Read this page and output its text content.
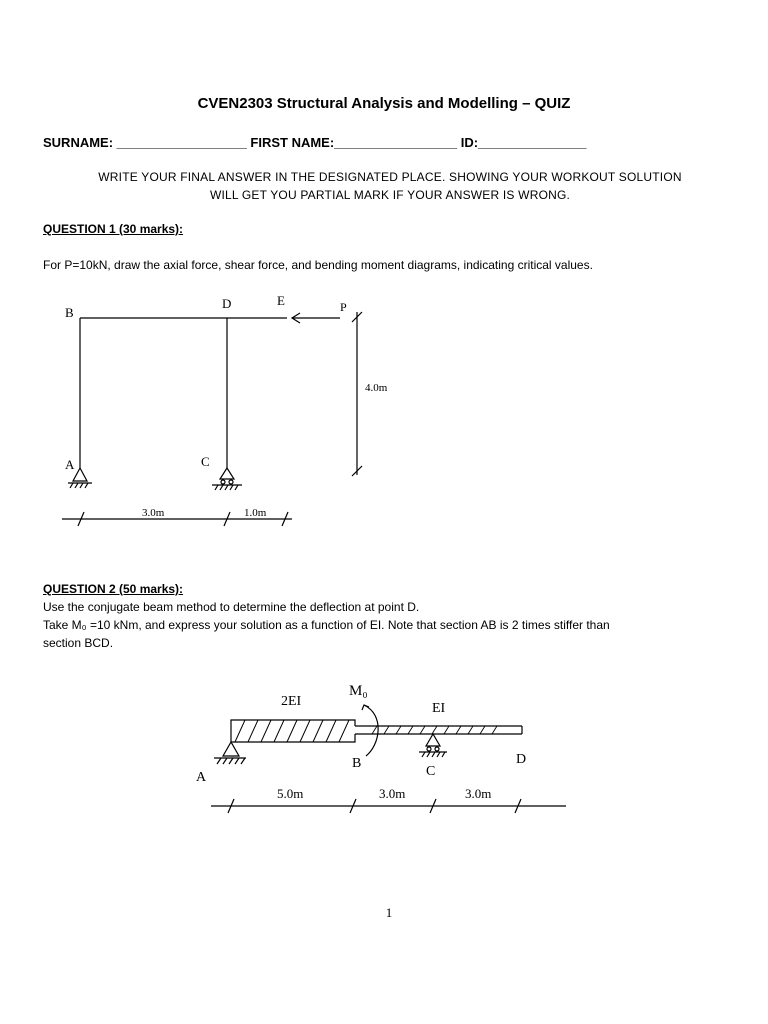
CVEN2303 Structural Analysis and Modelling – QUIZ
SURNAME: __________________ FIRST NAME:_________________ ID:_______________
WRITE YOUR FINAL ANSWER IN THE DESIGNATED PLACE. SHOWING YOUR WORKOUT SOLUTION
WILL GET YOU PARTIAL MARK IF YOUR ANSWER IS WRONG.
QUESTION 1 (30 marks):
For P=10kN, draw the axial force, shear force, and bending moment diagrams, indicating critical values.
B
D	E	P
A	C
4.0m
3.0m	1.0m
QUESTION 2 (50 marks):
Use the conjugate beam method to determine the deflection at point D.
Take M₀ =10 kNm, and express your solution as a function of EI. Note that section AB is 2 times stiffer than
section BCD.
2EI
M₀
EI
A
B
C
D
5.0m	3.0m	3.0m
1
